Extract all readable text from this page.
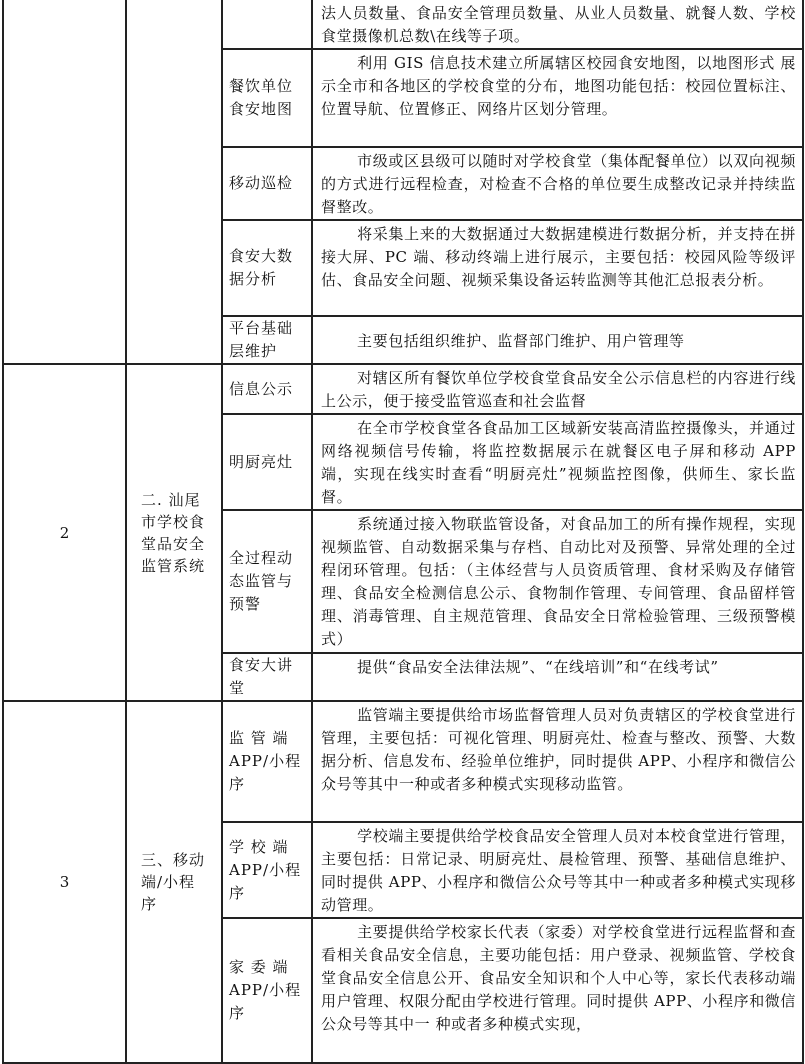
			法人员数量、食品安全管理员数量、从业人员数量、就餐人数、学校食堂摄像机总数\在线等子项。
		餐饮单位食安地图	利用 GIS 信息技术建立所属辖区校园食安地图，以地图形式 展示全市和各地区的学校食堂的分布，地图功能包括：校园位置标注、位置导航、位置修正、网络片区划分管理。
		移动巡检	市级或区县级可以随时对学校食堂（集体配餐单位）以双向视频的方式进行远程检查，对检查不合格的单位要生成整改记录并持续监督整改。
		食安大数据分析	将采集上来的大数据通过大数据建模进行数据分析，并支持在拼接大屏、PC 端、移动终端上进行展示，主要包括：校园风险等级评估、食品安全问题、视频采集设备运转监测等其他汇总报表分析。
		平台基础层维护	主要包括组织维护、监督部门维护、用户管理等
2	二. 汕尾市学校食堂品安全监管系统	信息公示	对辖区所有餐饮单位学校食堂食品安全公示信息栏的内容进行线上公示，便于接受监管巡查和社会监督
		明厨亮灶	在全市学校食堂各食品加工区域新安装高清监控摄像头，并通过网络视频信号传输，将监控数据展示在就餐区电子屏和移动 APP 端，实现在线实时查看“明厨亮灶”视频监控图像，供师生、家长监督。
		全过程动态监管与预警	系统通过接入物联监管设备，对食品加工的所有操作规程，实现视频监管、自动数据采集与存档、自动比对及预警、异常处理的全过程闭环管理。包括：（主体经营与人员资质管理、食材采购及存储管理、食品安全检测信息公示、食物制作管理、专间管理、食品留样管理、消毒管理、自主规范管理、食品安全日常检验管理、三级预警模式）
		食安大讲堂	提供“食品安全法律法规”、“在线培训”和“在线考试”
3	三、移动端/小程序	监 管 端APP/小程序	监管端主要提供给市场监督管理人员对负责辖区的学校食堂进行管理，主要包括：可视化管理、明厨亮灶、检查与整改、预警、大数据分析、信息发布、经验单位维护，同时提供 APP、小程序和微信公众号等其中一种或者多种模式实现移动监管。
		学 校 端APP/小程序	学校端主要提供给学校食品安全管理人员对本校食堂进行管理，主要包括：日常记录、明厨亮灶、晨检管理、预警、基础信息维护、同时提供 APP、小程序和微信公众号等其中一种或者多种模式实现移动管理。
		家 委 端APP/小程序	主要提供给学校家长代表（家委）对学校食堂进行远程监督和查看相关食品安全信息，主要功能包括：用户登录、视频监管、学校食堂食品安全信息公开、食品安全知识和个人中心等，家长代表移动端用户管理、权限分配由学校进行管理。同时提供 APP、小程序和微信公众号等其中一 种或者多种模式实现，
